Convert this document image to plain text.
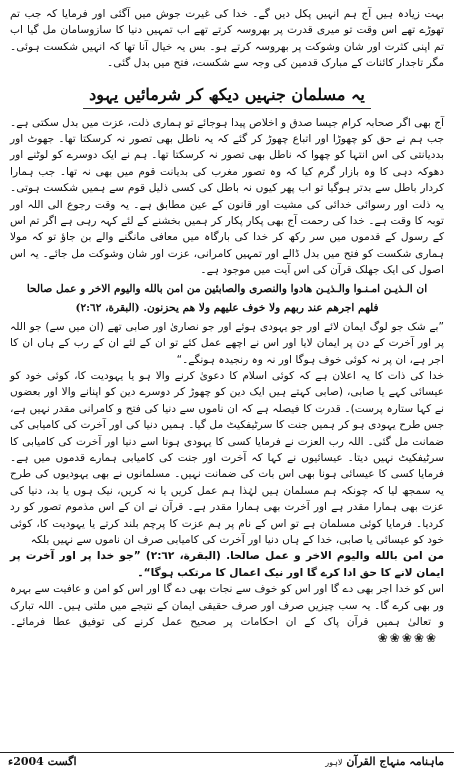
بہت زیادہ ہیں آج ہم انہیں پکل دیں گے۔ خدا کی غیرت جوش میں آگئی اور فرمایا کہ جب تم تھوڑے تھے اس وقت تو میری قدرت پر بھروسہ کرتے تھے اب تمہیں دنیا کا سازوسامان مل گیا اب تم اپنی کثرت اور شان وشوکت پر بھروسہ کرتے ہو۔ بس یہ خیال آنا تھا کہ انہیں شکست ہوئی۔ مگر تاجدار کائنات کے مبارک قدمین کی وجہ سے شکست، فتح میں بدل گئی۔

یہ مسلمان جنہیں دیکھ کر شرمائیں یہود

آج بھی اگر صحابہ کرام جیسا صدق و اخلاص پیدا ہوجائے تو ہماری ذلت، عزت میں بدل سکتی ہے۔ جب ہم نے حق کو چھوڑا اور اتباع چھوڑ کر گئے کہ یہ ناطل بھی تصور نہ کرسکتا تھا۔ جھوٹ اور بددیانتی کی اس انتہا کو چھوا کہ ناطل بھی تصور نہ کرسکتا تھا۔ ہم نے ایک دوسرے کو لوٹنے اور دھوکہ دہی کا وہ بازار گرم کیا کہ وہ تصور مغرب کی بدیانت قوم میں بھی نہ تھا۔ جب ہمارا کردار باطل سے بدتر ہوگیا تو اب پھر کیوں نہ باطل کی کسی ذلیل قوم سے ہمیں شکست ہوتی۔ یہ ذلت اور رسوائی خدائی کی مشیت اور قانون کے عین مطابق ہے۔ یہ وقت رجوع الی اللہ اور توبہ کا وقت ہے۔ خدا کی رحمت آج بھی پکار پکار کر ہمیں بخشنے کے لئے کہہ رہی ہے اگر تم اس کے رسول کے قدموں میں سر رکھ کر خدا کی بارگاہ میں معافی مانگنے والے بن جاؤ تو کہ مولا ہماری شکست کو فتح میں بدل ڈالے اور تمہیں کامرانی، عزت اور شان وشوکت مل جائے۔ یہ اس اصول کی ایک جھلک قرآن کی اس آیت میں موجود ہے۔

ان الـذيـن امـنـوا والـذيـن هادوا والنصرى والصابئين من امن بالله واليوم الاخر و عمل صالحا

فلهم اجرهم عند ربهم ولا خوف عليهم ولا هم يحزنون. (البقرة، ٢:٦٢)

”بے شک جو لوگ ایمان لائے اور جو یہودی ہوئے اور جو نصاریٰ اور صابی تھے (ان میں سے) جو اللہ پر اور آخرت کے دن پر ایمان لایا اور اس نے اچھے عمل کئے تو ان کے لئے ان کے رب کے ہاں ان کا اجر ہے، ان پر نہ کوئی خوف ہوگا اور نہ وہ رنجیدہ ہونگے۔“

خدا کی ذات کا یہ اعلان ہے کہ کوئی اسلام کا دعویٰ کرنے والا ہو یا یہودیت کا، کوئی خود کو عیسائی کہے یا صابی، (صابی کہتے ہیں ایک دین کو چھوڑ کر دوسرے دین کو اپنانے والا اور بعضوں نے کہا ستارہ پرست)۔ قدرت کا فیصلہ ہے کہ ان ناموں سے دنیا کی فتح و کامرانی مقدر نہیں ہے، جس طرح یہودی ہو کر ہمیں جنت کا سرٹیفکیٹ مل گیا۔ ہمیں دنیا کی اور آخرت کی کامیابی کی ضمانت مل گئی۔ اللہ رب العزت نے فرمایا کسی کا یہودی ہونا اسے دنیا اور آخرت کی کامیابی کا سرٹیفکیٹ نہیں دیتا۔ عیسائیوں نے کہا کہ آخرت اور جنت کی کامیابی ہمارے قدموں میں ہے۔ فرمایا کسی کا عیسائی ہونا بھی اس بات کی ضمانت نہیں۔ مسلمانوں نے بھی یہودیوں کی طرح یہ سمجھ لیا کہ چونکہ ہم مسلمان ہیں لہٰذا ہم عمل کریں یا نہ کریں، نیک ہوں یا بد، دنیا کی عزت بھی ہمارا مقدر ہے اور آخرت بھی ہمارا مقدر ہے۔ قرآن نے ان کے اس مذموم تصور کو رد کردیا۔ فرمایا کوئی مسلمان ہے تو اس کے نام پر ہم عزت کا پرچم بلند کرتے یا یہودیت کا، کوئی خود کو عیسائی یا صابی، خدا کے ہاں دنیا اور آخرت کی کامیابی صرف ان ناموں سے نہیں بلکہ

من امن بالله واليوم الاخر و عمل صالحا. (البقرة، ٢:٦٢) ”جو خدا پر اور آخرت پر ایمان لانے کا حق ادا کرے گا اور نیک اعمال کا مرتکب ہوگا“۔

اس کو خدا اجر بھی دے گا اور اس کو خوف سے نجات بھی دے گا اور اس کو امن و عافیت سے بہرہ ور بھی کرے گا۔ یہ سب چیزیں صرف اور صرف حقیقی ایمان کے نتیجے میں ملتی ہیں۔ اللہ تبارک و تعالیٰ ہمیں قرآن پاک کے ان احکامات پر صحیح عمل کرنے کی توفیق عطا فرمائے۔ ❀❀❀❀❀

ماہنامہ منہاج القرآن لاہور
اگست 2004ء
